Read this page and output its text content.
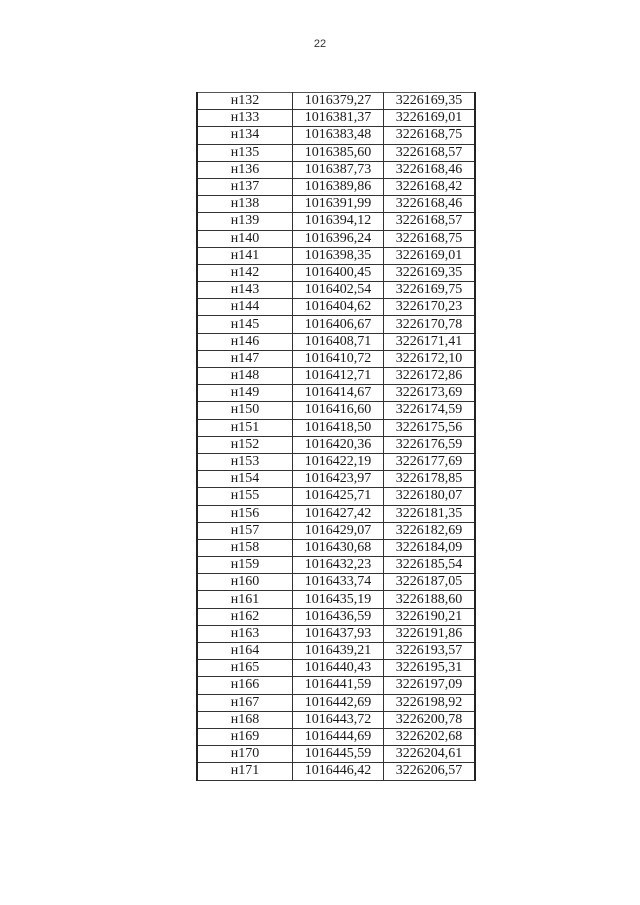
22
н132	1016379,27	3226169,35
н133	1016381,37	3226169,01
н134	1016383,48	3226168,75
н135	1016385,60	3226168,57
н136	1016387,73	3226168,46
н137	1016389,86	3226168,42
н138	1016391,99	3226168,46
н139	1016394,12	3226168,57
н140	1016396,24	3226168,75
н141	1016398,35	3226169,01
н142	1016400,45	3226169,35
н143	1016402,54	3226169,75
н144	1016404,62	3226170,23
н145	1016406,67	3226170,78
н146	1016408,71	3226171,41
н147	1016410,72	3226172,10
н148	1016412,71	3226172,86
н149	1016414,67	3226173,69
н150	1016416,60	3226174,59
н151	1016418,50	3226175,56
н152	1016420,36	3226176,59
н153	1016422,19	3226177,69
н154	1016423,97	3226178,85
н155	1016425,71	3226180,07
н156	1016427,42	3226181,35
н157	1016429,07	3226182,69
н158	1016430,68	3226184,09
н159	1016432,23	3226185,54
н160	1016433,74	3226187,05
н161	1016435,19	3226188,60
н162	1016436,59	3226190,21
н163	1016437,93	3226191,86
н164	1016439,21	3226193,57
н165	1016440,43	3226195,31
н166	1016441,59	3226197,09
н167	1016442,69	3226198,92
н168	1016443,72	3226200,78
н169	1016444,69	3226202,68
н170	1016445,59	3226204,61
н171	1016446,42	3226206,57
